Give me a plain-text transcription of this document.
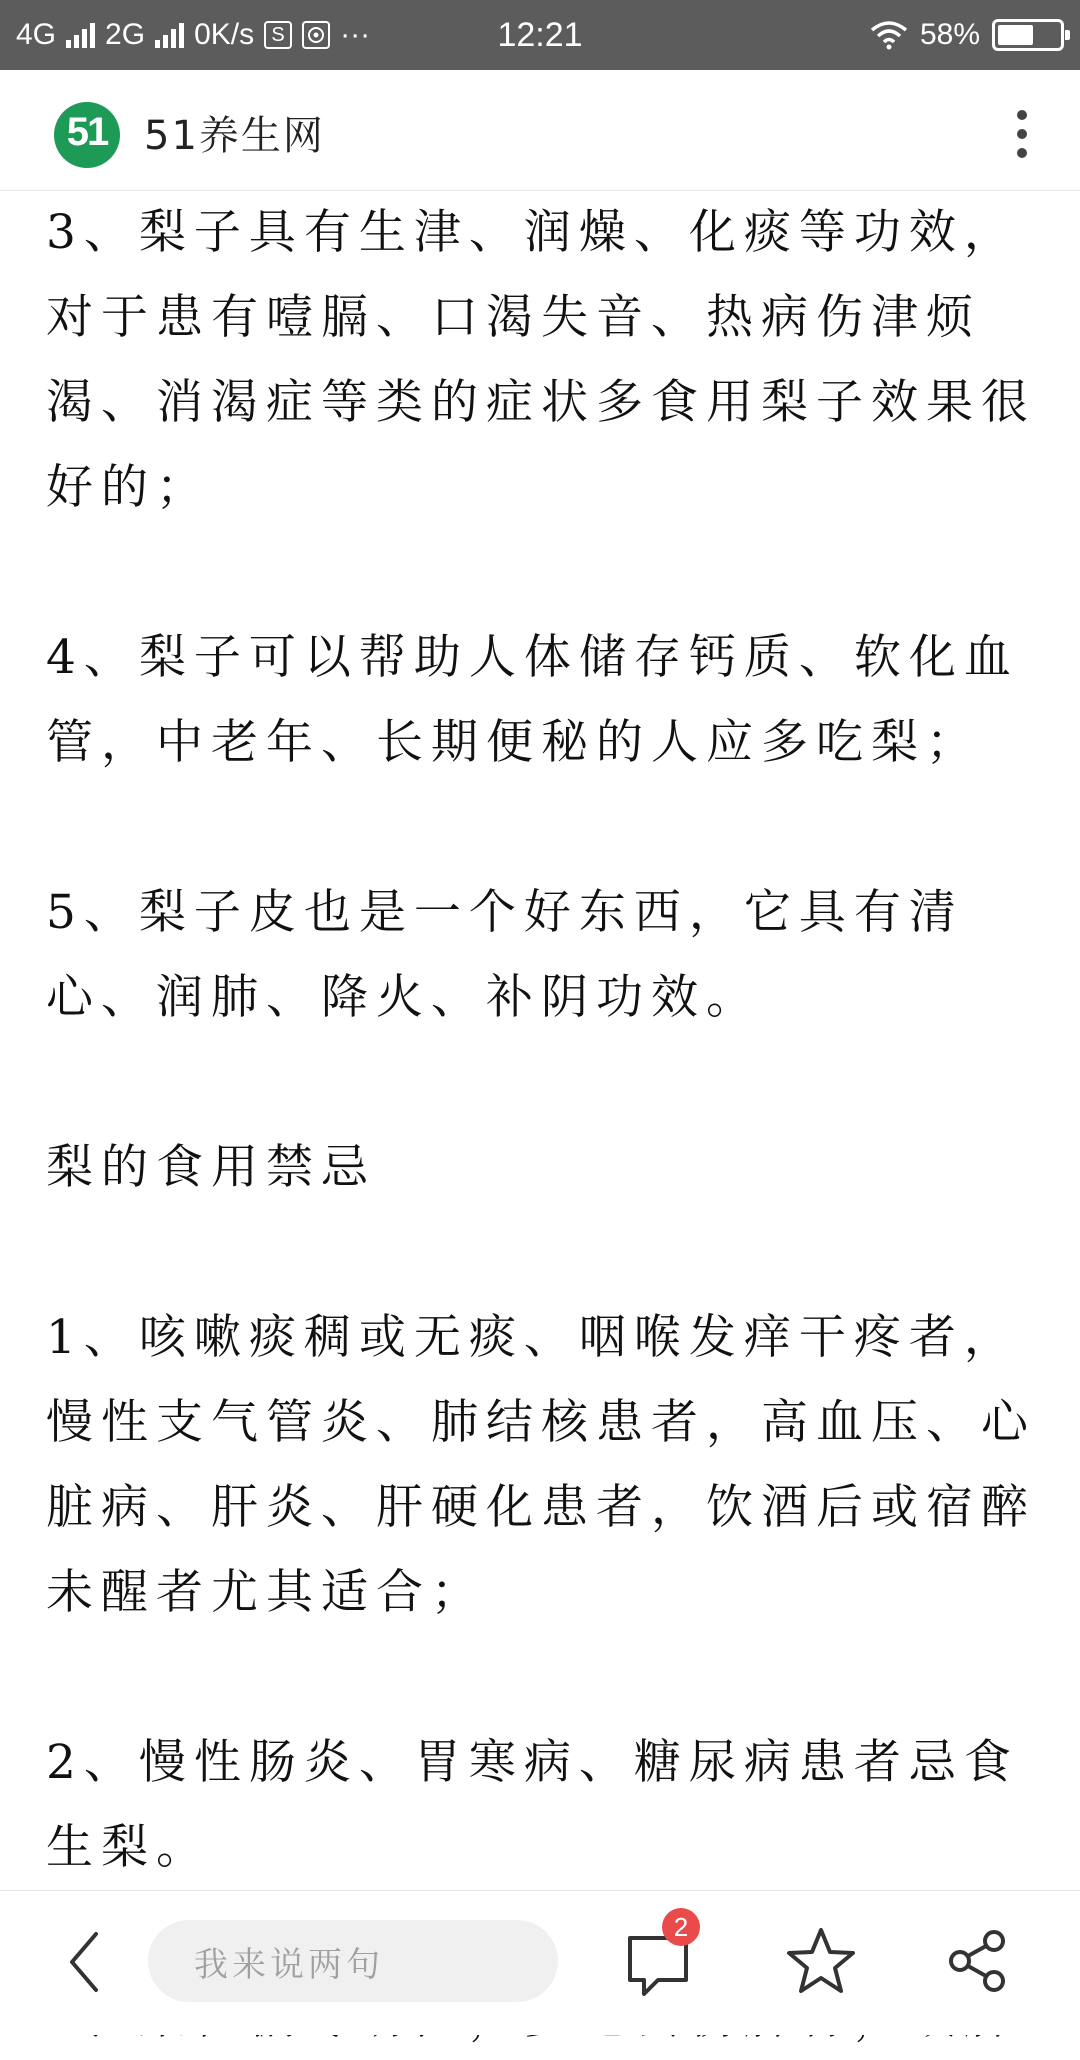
4G 2G 0K/s S ···	12:21	58%
51 51养生网

3、梨子具有生津、润燥、化痰等功效，对于患有噎膈、口渴失音、热病伤津烦渴、消渴症等类的症状多食用梨子效果很好的；

4、梨子可以帮助人体储存钙质、软化血管，中老年、长期便秘的人应多吃梨；

5、梨子皮也是一个好东西，它具有清心、润肺、降火、补阴功效。

梨的食用禁忌

1、咳嗽痰稠或无痰、咽喉发痒干疼者，慢性支气管炎、肺结核患者，高血压、心脏病、肝炎、肝硬化患者，饮酒后或宿醉未醒者尤其适合；

2、慢性肠炎、胃寒病、糖尿病患者忌食生梨。

我来说两句
2
